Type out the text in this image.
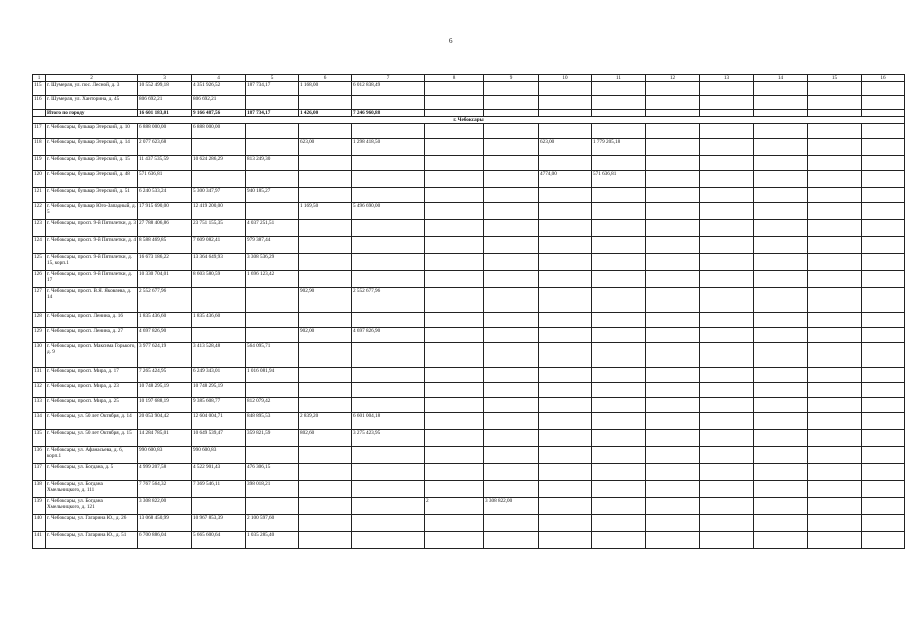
6
1	2	3	4	5	6	7	8	9	10	11	12	13	14	15	16
115	г. Шумерля, ул. пос. Лесной, д. 3	10 552 499,18	4 351 926,52	187 734,17	1 168,00	6 012 838,49									
116	г. Шумерля, ул. Ханторина, д. 45	806 692,21	806 692,21												
	Итого по городу	16 601 183,01	9 166 487,56	187 734,17	1 426,00	7 246 960,88									
г. Чебоксары															
117	г. Чебоксары, бульвар Эгерский, д. 10	6 888 000,00	6 888 000,00												
118	г. Чебоксары, бульвар Эгерский, д. 14	2 077 623,68			623,00	1 298 418,50			623,00	1 779 205,18					
119	г. Чебоксары, бульвар Эгерский, д. 15	11 437 535,59	10 624 286,29	813 249,30											
120	г. Чебоксары, бульвар Эгерский, д. 48	571 636,81							4774,00	571 636,81					
121	г. Чебоксары, бульвар Эгерский, д. 51	6 240 533,24	5 300 347,97	940 185,27											
122	г. Чебоксары, бульвар Юго-Западный, д. 5	17 915 690,00	12 419 200,00		1 169,50	5 496 690,00									
123	г. Чебоксары, просп. 9-й Пятилетки, д. 3	27 788 406,86	23 751 155,35	4 037 251,51											
124	г. Чебоксары, просп. 9-й Пятилетки, д. 4	8 588 469,85	7 609 082,41	979 387,44											
125	г. Чебоксары, просп. 9-й Пятилетки, д. 15, корп.1	16 673 186,22	13 364 649,93	3 308 536,29											
126	г. Чебоксары, просп. 9-й Пятилетки, д. 17	10 330 704,01	8 603 580,59	1 696 123,42											
127	г. Чебоксары, просп. В.Я. Яковлева, д. 14	2 552 677,96			902,90	2 552 677,96									
128	г. Чебоксары, просп. Ленина, д. 16	1 835 436,60	1 835 436,60												
129	г. Чебоксары, просп. Ленина, д. 27	4 697 826,90			902,00	4 697 826,90									
130	г. Чебоксары, просп. Максима Горького, д. 9	3 977 624,19	3 413 528,48	564 095,71											
131	г. Чебоксары, просп. Мира, д. 17	7 265 424,95	6 249 343,01	1 016 081,94											
132	г. Чебоксары, просп. Мира, д. 23	10 748 295,19	10 748 295,19												
133	г. Чебоксары, просп. Мира, д. 25	10 197 688,19	9 385 608,77	812 079,42											
134	г. Чебоксары, ул. 50 лет Октября, д. 14	20 053 904,42	12 604 004,71	848 895,53	2 839,20	6 601 004,18									
135	г. Чебоксары, ул. 50 лет Октября, д. 15	14 284 785,01	10 649 539,47	359 821,59	802,60	3 275 423,95									
136	г. Чебоксары, ул. Афанасьева, д. 6, корп.1	990 600,83	990 600,83												
137	г. Чебоксары, ул. Богдана, д. 5	4 999 207,58	4 522 901,43	476 306,15											
138	г. Чебоксары, ул. Богдана Хмельницкого, д. 111	7 767 564,32	7 369 546,11	398 018,21											
139	г. Чебоксары, ул. Богдана Хмельницкого, д. 121	3 308 822,00					2	3 308 822,00							
140	г. Чебоксары, ул. Гагарина Ю., д. 26	13 068 450,99	10 967 853,39	2 100 597,60											
141	г. Чебоксары, ул. Гагарина Ю., д. 51	6 700 886,04	5 665 600,64	1 035 285,40											
